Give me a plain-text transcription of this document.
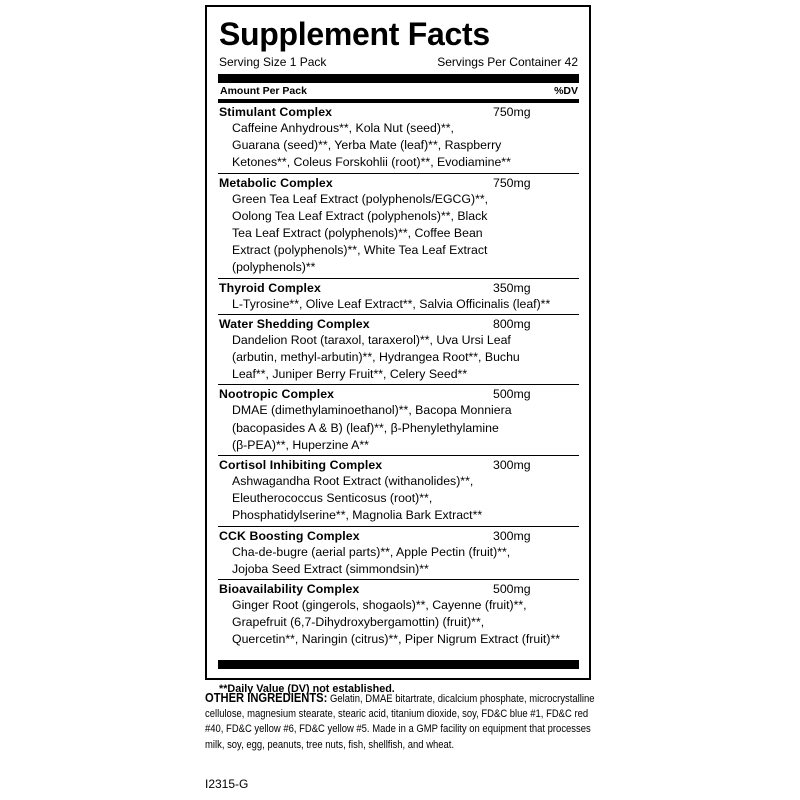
Supplement Facts
Serving Size 1 Pack	Servings Per Container 42
Amount Per Pack	%DV
Stimulant Complex	750mg
Caffeine Anhydrous**, Kola Nut (seed)**,
Guarana (seed)**, Yerba Mate (leaf)**, Raspberry
Ketones**, Coleus Forskohlii (root)**, Evodiamine**
Metabolic Complex	750mg
Green Tea Leaf Extract (polyphenols/EGCG)**,
Oolong Tea Leaf Extract (polyphenols)**, Black
Tea Leaf Extract (polyphenols)**, Coffee Bean
Extract (polyphenols)**, White Tea Leaf Extract
(polyphenols)**
Thyroid Complex	350mg
L-Tyrosine**, Olive Leaf Extract**, Salvia Officinalis (leaf)**
Water Shedding Complex	800mg
Dandelion Root (taraxol, taraxerol)**, Uva Ursi Leaf
(arbutin, methyl-arbutin)**, Hydrangea Root**, Buchu
Leaf**, Juniper Berry Fruit**, Celery Seed**
Nootropic Complex	500mg
DMAE (dimethylaminoethanol)**, Bacopa Monniera
(bacopasides A & B) (leaf)**, β-Phenylethylamine
(β-PEA)**, Huperzine A**
Cortisol Inhibiting Complex	300mg
Ashwagandha Root Extract (withanolides)**,
Eleutherococcus Senticosus (root)**,
Phosphatidylserine**, Magnolia Bark Extract**
CCK Boosting Complex	300mg
Cha-de-bugre (aerial parts)**, Apple Pectin (fruit)**,
Jojoba Seed Extract (simmondsin)**
Bioavailability Complex	500mg
Ginger Root (gingerols, shogaols)**, Cayenne (fruit)**,
Grapefruit (6,7-Dihydroxybergamottin) (fruit)**,
Quercetin**, Naringin (citrus)**, Piper Nigrum Extract (fruit)**
**Daily Value (DV) not established.
OTHER INGREDIENTS: Gelatin, DMAE bitartrate, dicalcium phosphate, microcrystalline cellulose, magnesium stearate, stearic acid, titanium dioxide, soy, FD&C blue #1, FD&C red #40, FD&C yellow #6, FD&C yellow #5. Made in a GMP facility on equipment that processes milk, soy, egg, peanuts, tree nuts, fish, shellfish, and wheat.
I2315-G
